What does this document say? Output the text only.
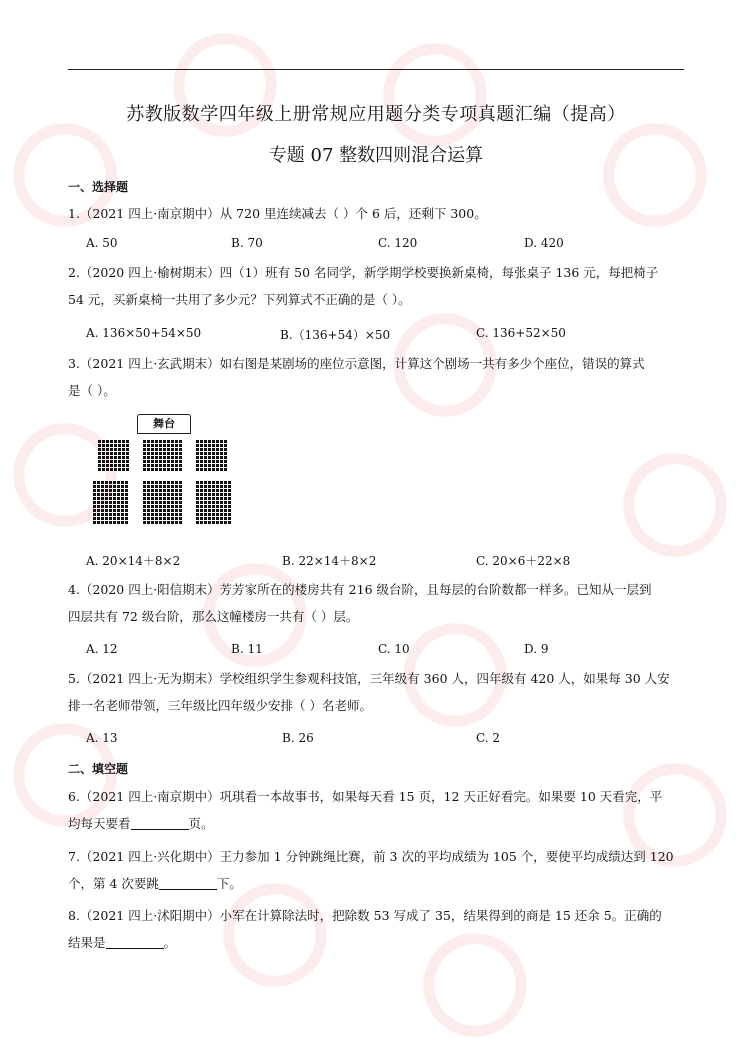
苏教版数学四年级上册常规应用题分类专项真题汇编（提高）
专题 07 整数四则混合运算
一、选择题
1.（2021 四上·南京期中）从 720 里连续减去（ ）个 6 后，还剩下 300。
A. 50	B. 70	C. 120	D. 420
2.（2020 四上·榆树期末）四（1）班有 50 名同学，新学期学校要换新桌椅，每张桌子 136 元，每把椅子
54 元，买新桌椅一共用了多少元？下列算式不正确的是（ ）。
A. 136×50+54×50	B.（136+54）×50	C. 136+52×50
3.（2021 四上·玄武期末）如右图是某剧场的座位示意图，计算这个剧场一共有多少个座位，错误的算式
是（ ）。
舞台
A. 20×14＋8×2	B. 22×14＋8×2	C. 20×6＋22×8
4.（2020 四上·阳信期末）芳芳家所在的楼房共有 216 级台阶，且每层的台阶数都一样多。已知从一层到
四层共有 72 级台阶，那么这幢楼房一共有（ ）层。
A. 12	B. 11	C. 10	D. 9
5.（2021 四上·无为期末）学校组织学生参观科技馆，三年级有 360 人，四年级有 420 人，如果每 30 人安
排一名老师带领，三年级比四年级少安排（ ）名老师。
A. 13	B. 26	C. 2
二、填空题
6.（2021 四上·南京期中）巩琪看一本故事书，如果每天看 15 页，12 天正好看完。如果要 10 天看完，平
均每天要看	页。
7.（2021 四上·兴化期中）王力参加 1 分钟跳绳比赛，前 3 次的平均成绩为 105 个，要使平均成绩达到 120
个，第 4 次要跳	下。
8.（2021 四上·沭阳期中）小军在计算除法时，把除数 53 写成了 35，结果得到的商是 15 还余 5。正确的
结果是	。
